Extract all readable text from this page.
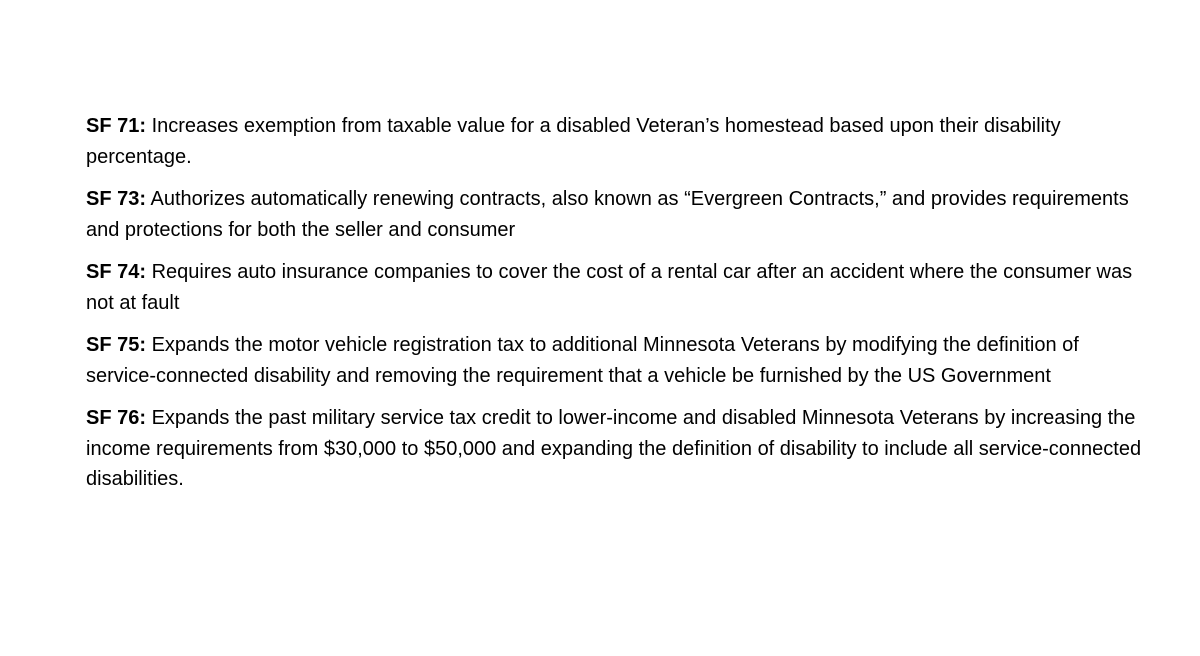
SF 71: Increases exemption from taxable value for a disabled Veteran’s homestead based upon their disability percentage.

SF 73: Authorizes automatically renewing contracts, also known as “Evergreen Contracts,” and provides requirements and protections for both the seller and consumer

SF 74: Requires auto insurance companies to cover the cost of a rental car after an accident where the consumer was not at fault

SF 75: Expands the motor vehicle registration tax to additional Minnesota Veterans by modifying the definition of service-connected disability and removing the requirement that a vehicle be furnished by the US Government

SF 76: Expands the past military service tax credit to lower-income and disabled Minnesota Veterans by increasing the income requirements from $30,000 to $50,000 and expanding the definition of disability to include all service-connected disabilities.
